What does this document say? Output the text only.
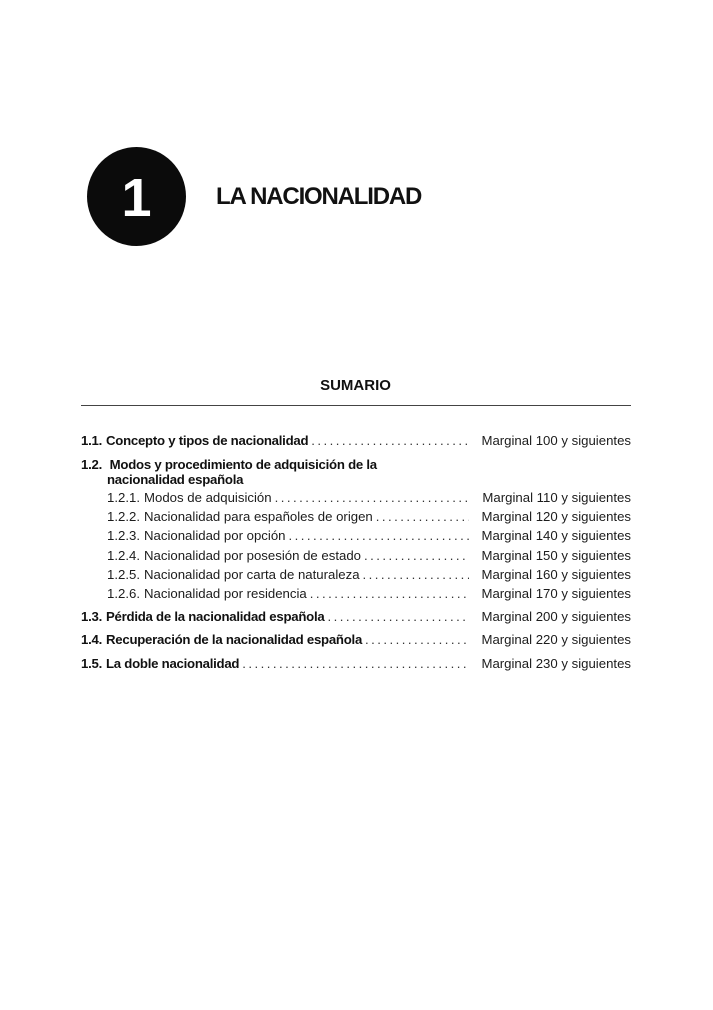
1	LA NACIONALIDAD
SUMARIO
1.1. Concepto y tipos de nacionalidad . . .	Marginal 100 y siguientes
1.2. Modos y procedimiento de adquisición de la
nacionalidad española
1.2.1. Modos de adquisición . . .	Marginal 110 y siguientes
1.2.2. Nacionalidad para españoles de origen . . .	Marginal 120 y siguientes
1.2.3. Nacionalidad por opción . . .	Marginal 140 y siguientes
1.2.4. Nacionalidad por posesión de estado . . .	Marginal 150 y siguientes
1.2.5. Nacionalidad por carta de naturaleza . . .	Marginal 160 y siguientes
1.2.6. Nacionalidad por residencia . . .	Marginal 170 y siguientes
1.3. Pérdida de la nacionalidad española . . .	Marginal 200 y siguientes
1.4. Recuperación de la nacionalidad española . . .	Marginal 220 y siguientes
1.5. La doble nacionalidad . . .	Marginal 230 y siguientes
